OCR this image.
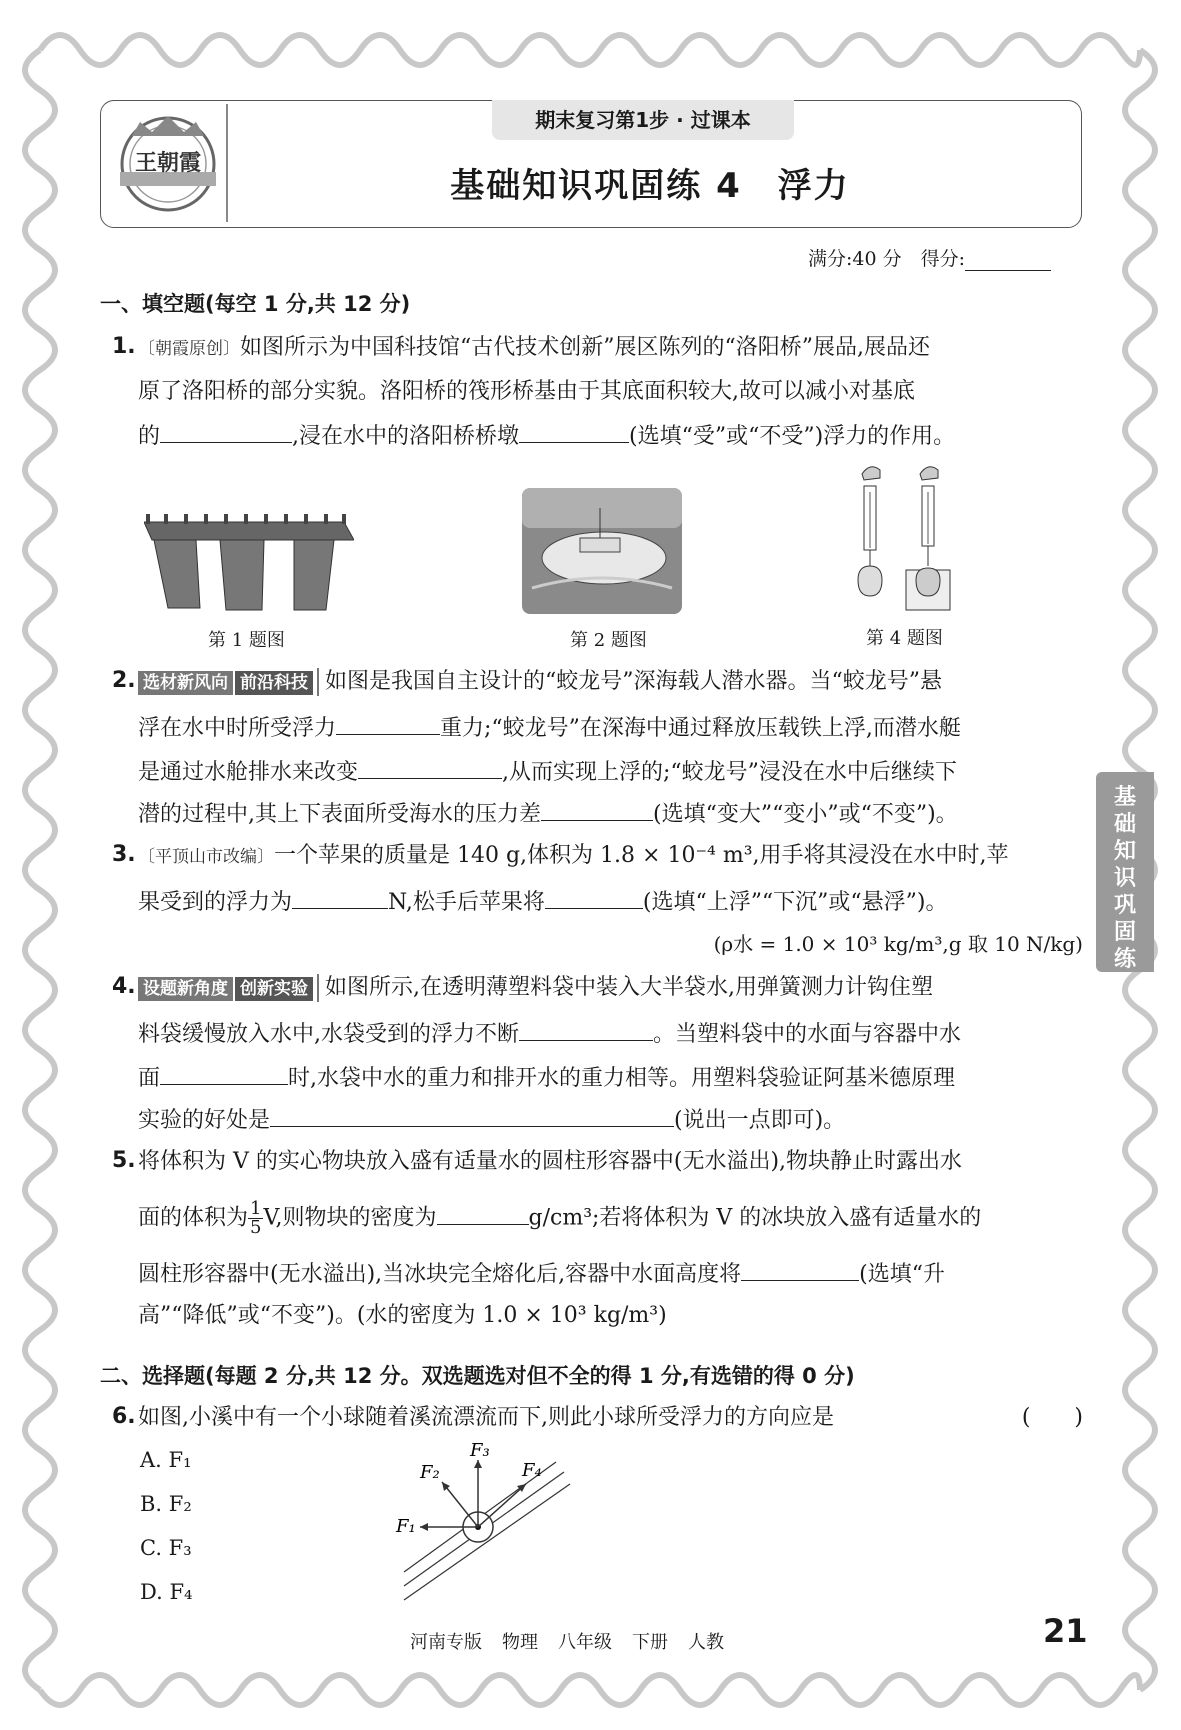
王朝霞
期末复习第1步 · 过课本
基础知识巩固练 4　浮力
满分:40 分　得分:
一、填空题(每空 1 分,共 12 分)
1. 〔朝霞原创〕如图所示为中国科技馆“古代技术创新”展区陈列的“洛阳桥”展品,展品还
原了洛阳桥的部分实貌。洛阳桥的筏形桥基由于其底面积较大,故可以减小对基底
的	,浸在水中的洛阳桥桥墩	(选填“受”或“不受”)浮力的作用。
第 1 题图	第 2 题图	第 4 题图
2. 选材新风向 前沿科技 如图是我国自主设计的“蛟龙号”深海载人潜水器。当“蛟龙号”悬
浮在水中时所受浮力	重力;“蛟龙号”在深海中通过释放压载铁上浮,而潜水艇
是通过水舱排水来改变	,从而实现上浮的;“蛟龙号”浸没在水中后继续下
潜的过程中,其上下表面所受海水的压力差	(选填“变大”“变小”或“不变”)。
3. 〔平顶山市改编〕一个苹果的质量是 140 g,体积为 1.8 × 10⁻⁴ m³,用手将其浸没在水中时,苹
果受到的浮力为	N,松手后苹果将	(选填“上浮”“下沉”或“悬浮”)。
(ρ水 = 1.0 × 10³ kg/m³,g 取 10 N/kg)
4. 设题新角度 创新实验 如图所示,在透明薄塑料袋中装入大半袋水,用弹簧测力计钩住塑
料袋缓慢放入水中,水袋受到的浮力不断	。当塑料袋中的水面与容器中水
面	时,水袋中水的重力和排开水的重力相等。用塑料袋验证阿基米德原理
实验的好处是	(说出一点即可)。
5. 将体积为 V 的实心物块放入盛有适量水的圆柱形容器中(无水溢出),物块静止时露出水
面的体积为 $\frac{1}{5} V$,则物块的密度为	g/cm³;若将体积为 V 的冰块放入盛有适量水的
圆柱形容器中(无水溢出),当冰块完全熔化后,容器中水面高度将	(选填“升
高”“降低”或“不变”)。(水的密度为 1.0 × 10³ kg/m³)
二、选择题(每题 2 分,共 12 分。双选题选对但不全的得 1 分,有选错的得 0 分)
6. 如图,小溪中有一个小球随着溪流漂流而下,则此小球所受浮力的方向应是	(　　)
A. F₁
B. F₂
C. F₃
D. F₄
F₁
F₂
F₃
F₄
基础知识巩固练
河南专版 物理 八年级 下册 人教	21
